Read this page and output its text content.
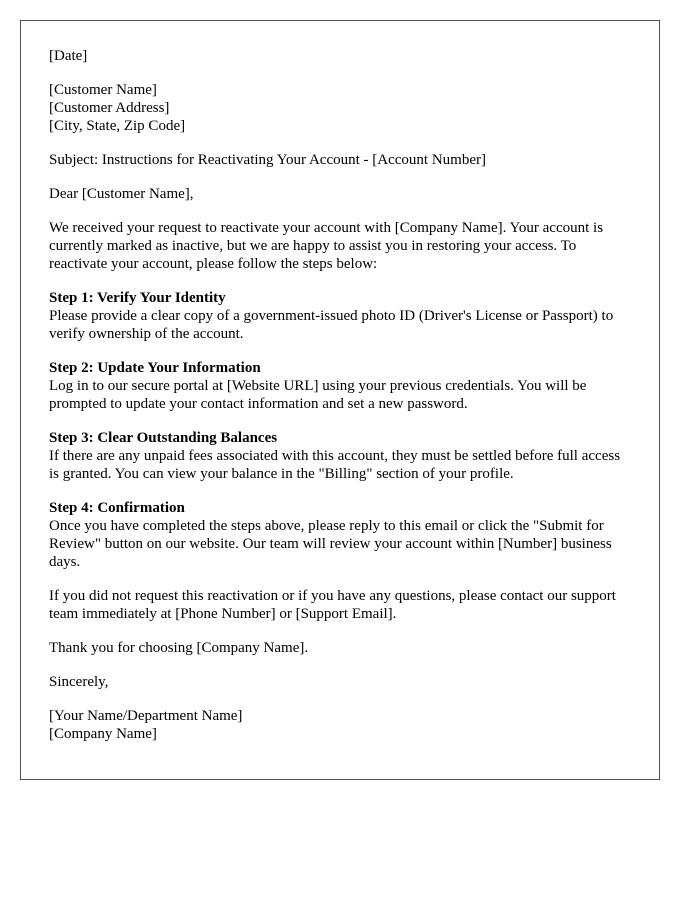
[Date]
[Customer Name]
[Customer Address]
[City, State, Zip Code]
Subject: Instructions for Reactivating Your Account - [Account Number]
Dear [Customer Name],
We received your request to reactivate your account with [Company Name]. Your account is currently marked as inactive, but we are happy to assist you in restoring your access. To reactivate your account, please follow the steps below:
Step 1: Verify Your Identity
Please provide a clear copy of a government-issued photo ID (Driver's License or Passport) to verify ownership of the account.
Step 2: Update Your Information
Log in to our secure portal at [Website URL] using your previous credentials. You will be prompted to update your contact information and set a new password.
Step 3: Clear Outstanding Balances
If there are any unpaid fees associated with this account, they must be settled before full access is granted. You can view your balance in the "Billing" section of your profile.
Step 4: Confirmation
Once you have completed the steps above, please reply to this email or click the "Submit for Review" button on our website. Our team will review your account within [Number] business days.
If you did not request this reactivation or if you have any questions, please contact our support team immediately at [Phone Number] or [Support Email].
Thank you for choosing [Company Name].
Sincerely,
[Your Name/Department Name]
[Company Name]
